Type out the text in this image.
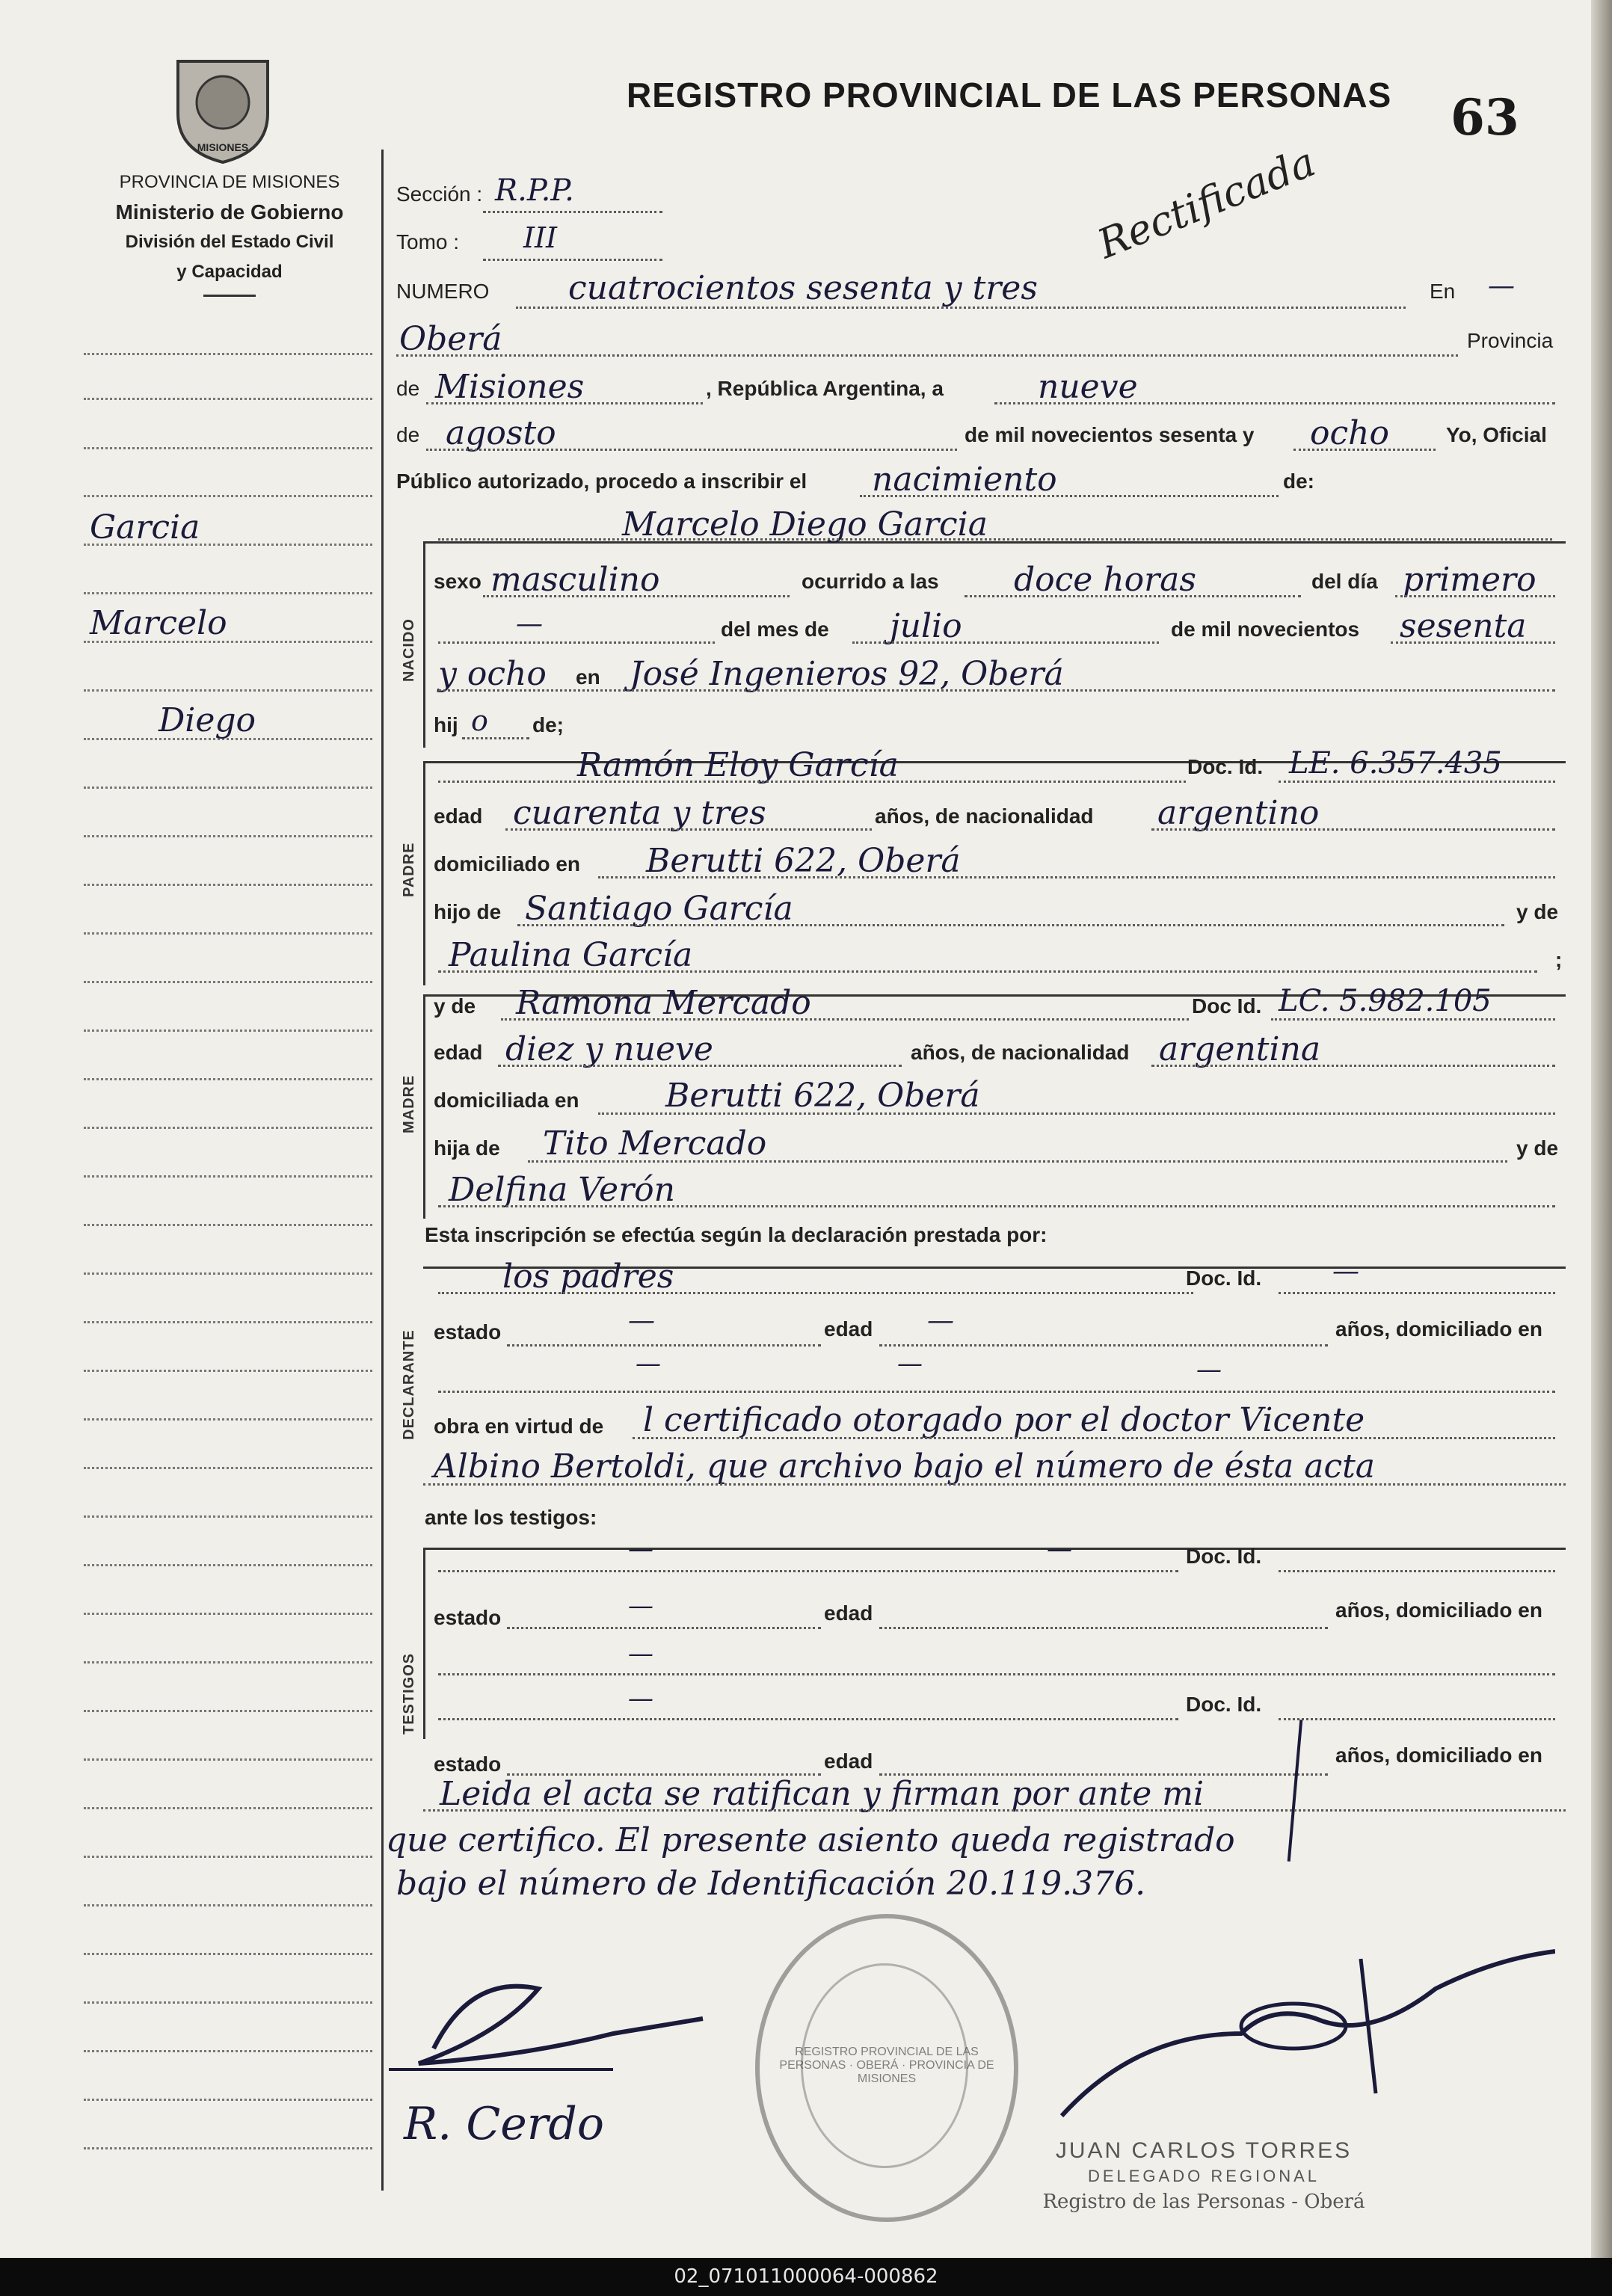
MISIONES
PROVINCIA DE MISIONES
Ministerio de Gobierno
División del Estado Civil
y Capacidad
REGISTRO PROVINCIAL DE LAS PERSONAS 63
Garcia
Marcelo
Diego
Sección : R.P.P.
Tomo : III	Rectificada
NUMERO cuatrocientos sesenta y tres	En —
Oberá	Provincia
de Misiones	, República Argentina, a	nueve
de agosto	de mil novecientos sesenta y ocho	Yo, Oficial
Público autorizado, procedo a inscribir el nacimiento	de:
NACIDO
Marcelo Diego Garcia
sexo masculino	ocurrido a las doce horas	del día primero
—	del mes de julio	de mil novecientos sesenta
y ocho en José Ingenieros 92, Oberá
hij o de;
PADRE
Ramón Eloy García	Doc. Id. LE. 6.357.435
edad cuarenta y tres	años, de nacionalidad argentino
domiciliado en Berutti 622, Oberá
hijo de Santiago García	y de
Paulina García	;
MADRE
y de Ramona Mercado	Doc Id. LC. 5.982.105
edad diez y nueve	años, de nacionalidad argentina
domiciliada en	Berutti 622, Oberá
hija de Tito Mercado	y de
Delfina Verón
Esta inscripción se efectúa según la declaración prestada por:
DECLARANTE
los padres	Doc. Id.	—
estado	—	edad —	años, domiciliado en
—	—	—
obra en virtud de l certificado otorgado por el doctor Vicente
Albino Bertoldi, que archivo bajo el número de ésta acta
ante los testigos:
TESTIGOS
—	—	Doc. Id.
estado	—	edad	años, domiciliado en
—
—	Doc. Id.
estado	edad	años, domiciliado en
Leida el acta se ratifican y firman por ante mi
que certifico. El presente asiento queda registrado
bajo el número de Identificación 20.119.376.
REGISTRO PROVINCIAL DE LAS PERSONAS · OBERÁ · PROVINCIA DE MISIONES
R. Cerdo
JUAN CARLOS TORRES
DELEGADO REGIONAL
Registro de las Personas - Oberá
02_071011000064-000862
